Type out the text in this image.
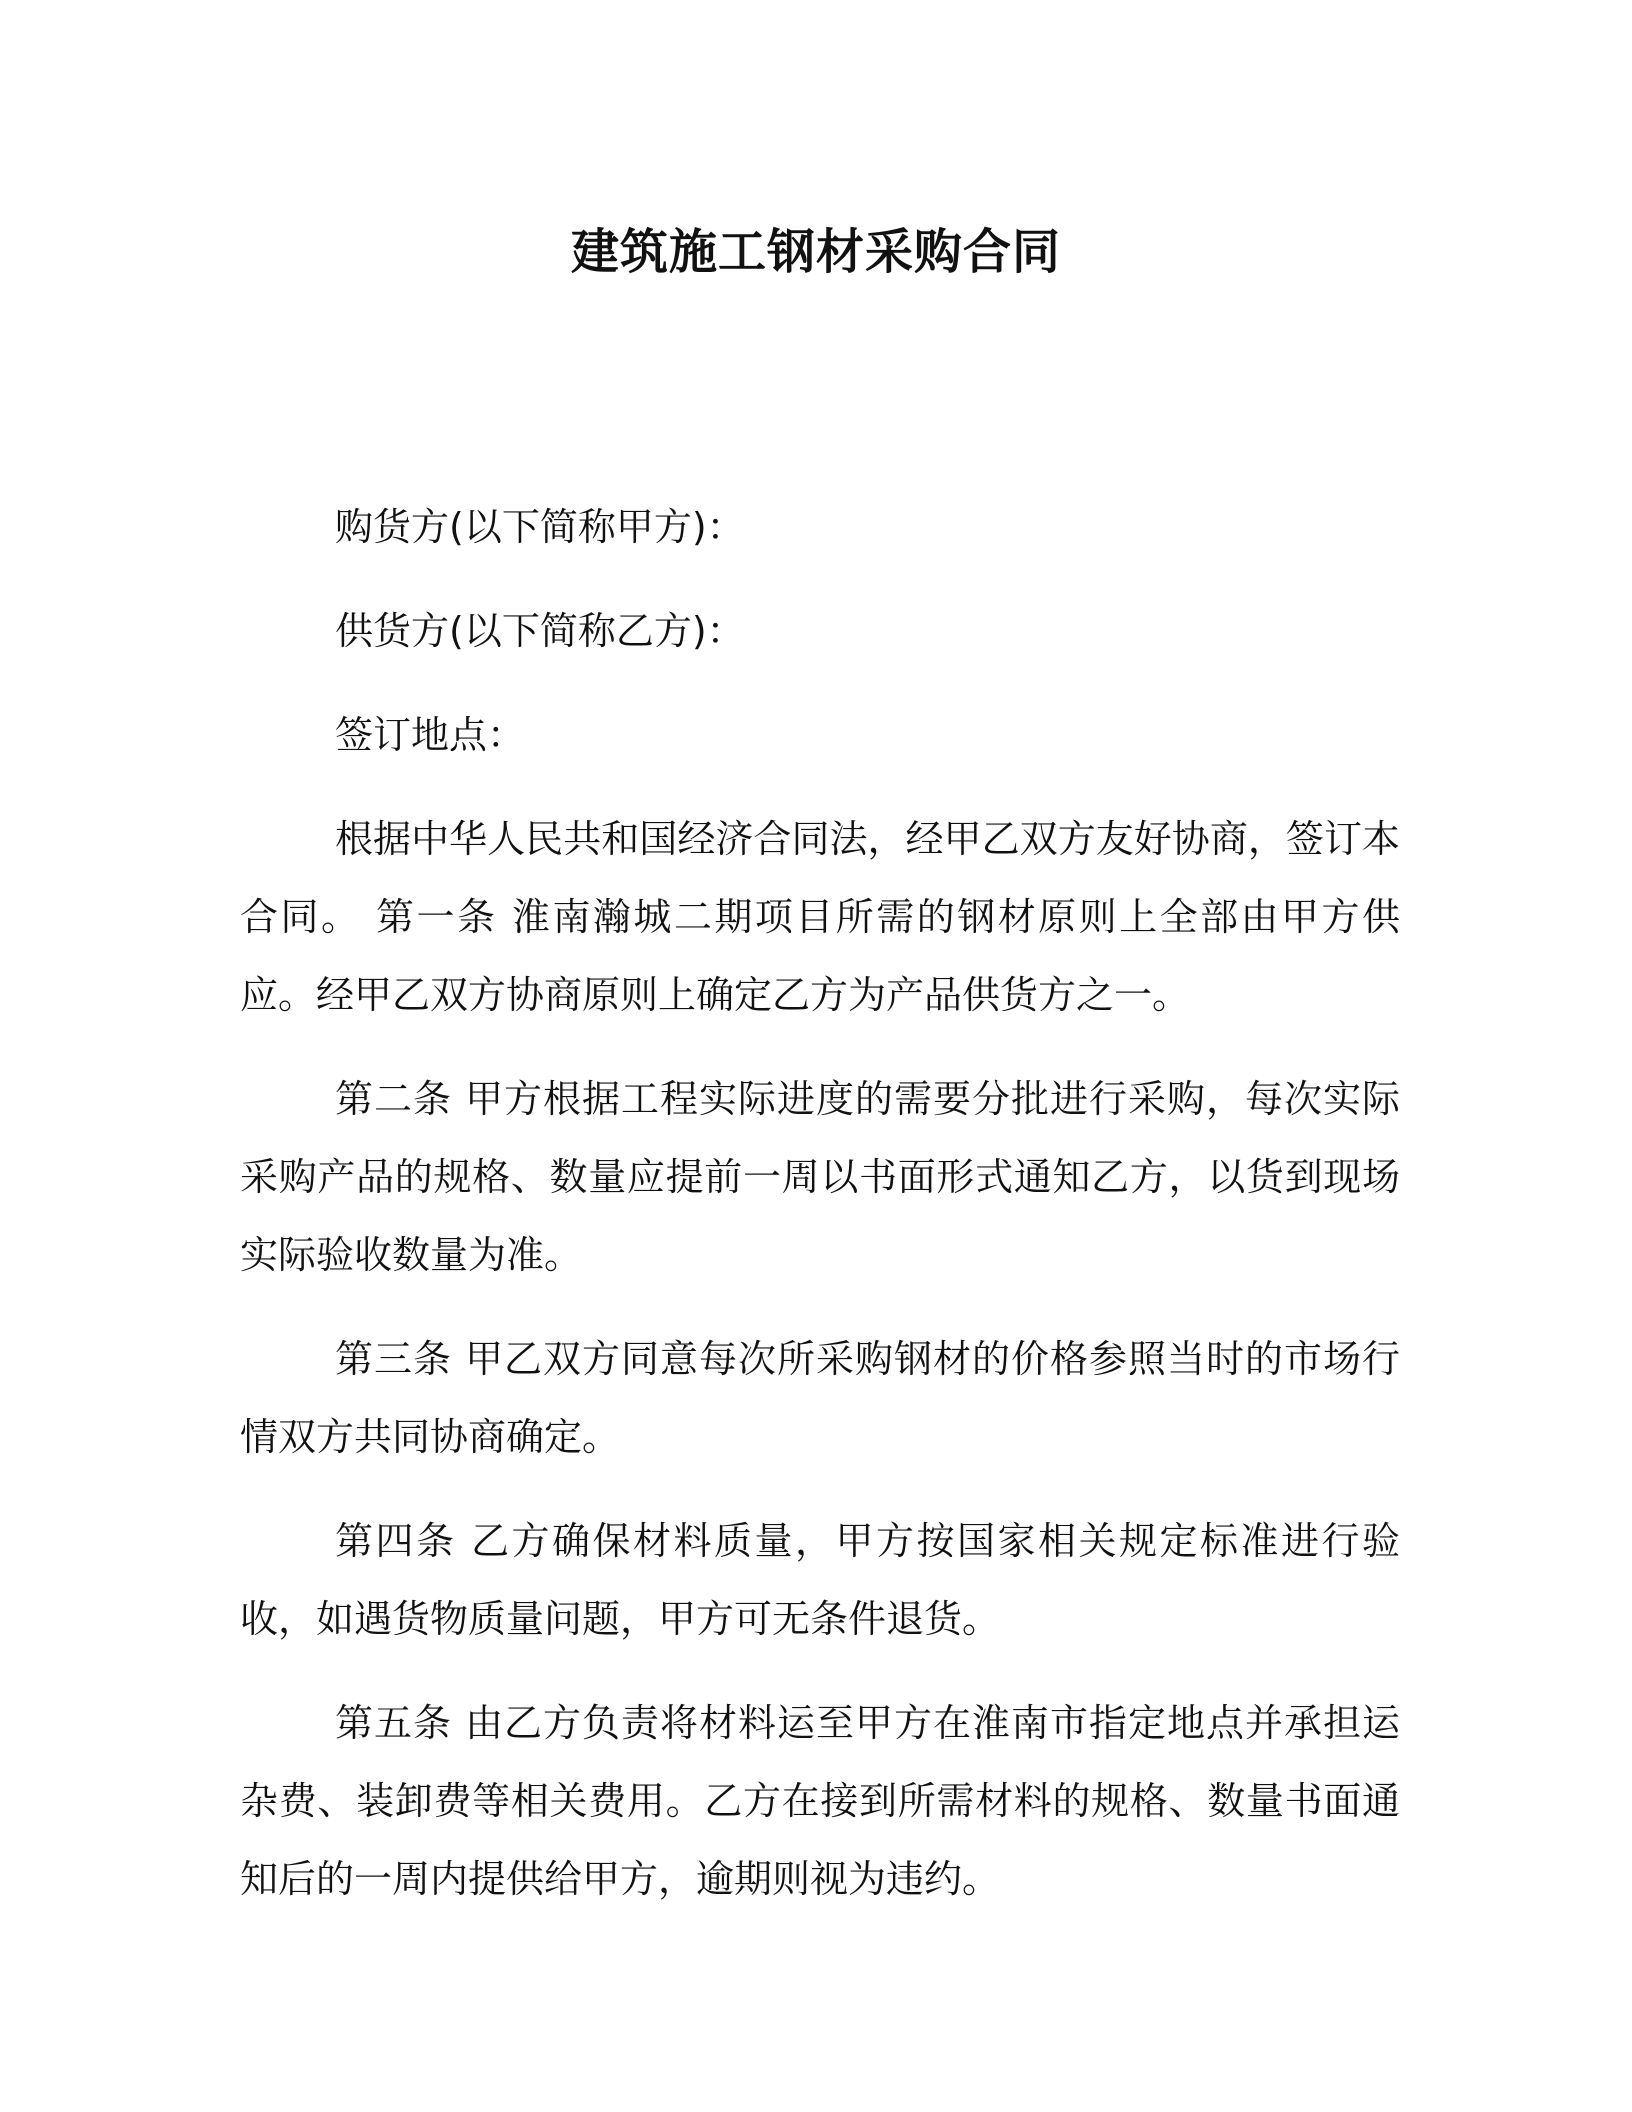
建筑施工钢材采购合同

购货方(以下简称甲方)：

供货方(以下简称乙方)：

签订地点：

根据中华人民共和国经济合同法，经甲乙双方友好协商，签订本合同。 第一条 淮南瀚城二期项目所需的钢材原则上全部由甲方供应。经甲乙双方协商原则上确定乙方为产品供货方之一。

第二条 甲方根据工程实际进度的需要分批进行采购，每次实际采购产品的规格、数量应提前一周以书面形式通知乙方，以货到现场实际验收数量为准。

第三条 甲乙双方同意每次所采购钢材的价格参照当时的市场行情双方共同协商确定。

第四条 乙方确保材料质量，甲方按国家相关规定标准进行验收，如遇货物质量问题，甲方可无条件退货。

第五条 由乙方负责将材料运至甲方在淮南市指定地点并承担运杂费、装卸费等相关费用。乙方在接到所需材料的规格、数量书面通知后的一周内提供给甲方，逾期则视为违约。
